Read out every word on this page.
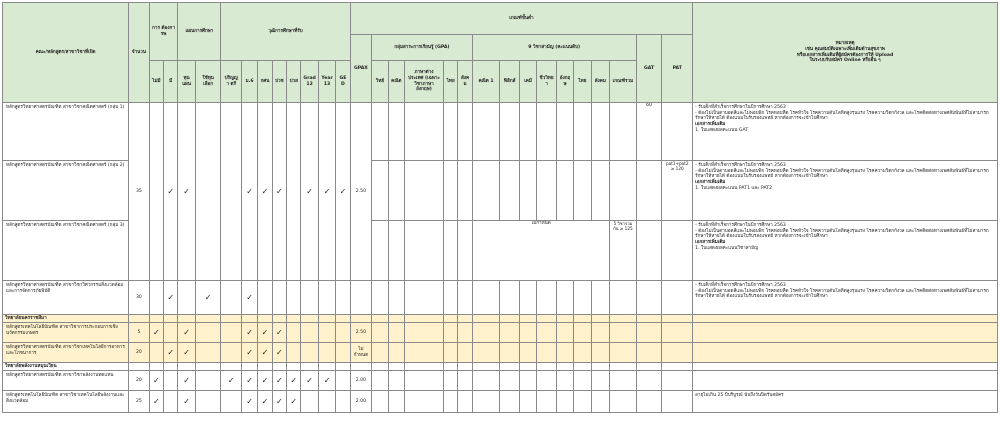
คณะ/หลักสูตร/สาขาวิชาที่เปิด	จำนวน	การ ต้องการพ		แผนการศึกษา		วุฒิการศึกษาที่รับ								เกณฑ์ขั้นต่ำ																หมายเหตุ
เช่น คุณสมบัติเฉพาะเพิ่มเติมด้านสุขภาพ
หรือเอกสารเพิ่มเติมที่ผู้สมัครต้องการให้ Upload
ในระบบรับสมัคร Online หรืออื่น ๆ

														GPAX	กลุ่มสาระการเรียนรู้ (GPA)					9 วิชาสามัญ (คะแนนดิบ)								GAT	PAT	
		ไม่มี	มี	ทุนแผน	ใช้ทุนเลือก	ปริญญา ตรี	ม.6	กศน	ปวช	ปวส	Grad12	Year13	GED		วิทย์	คณิต	ภาษาต่างประเทศ (เฉพาะวิชาภาษาอังกฤษ)	ไทย	สังคม	คณิต 1	ฟิสิกส์	เคมี	ชีววิทยา	อังกฤษ	ไทย	สังคม	เกณฑ์รวม			
หลักสูตรวิทยาศาสตรบัณฑิต สาขาวิชาคณิตศาสตร์ (กลุ่ม 1)	35		✓	✓			✓	✓	✓		✓	✓	✓	2.50														60		- รับเด็กที่สำเร็จการศึกษาในปีการศึกษา 2563
- ต้องไม่เป็นตาบอดสีและไม่พอบพิก โรคหอบหืด โรคหัวใจ โรคความดันโลหิตสูงรุนแรง โรคความวิตกกังวล และโรคติดต่อทางเพศสัมพันธ์ที่ไม่สามารถรักษาให้หายได้ ต้องแนบใบรับรองแพทย์ หากต้องการจะเข้าไปศึกษา
เอกสารเพิ่มเติม
1. ใบแสดงผลคะแนน GAT

หลักสูตรวิทยาศาสตรบัณฑิต สาขาวิชาคณิตศาสตร์ (กลุ่ม 2)																													pat1+pat2 ≥ 120	- รับเด็กที่สำเร็จการศึกษาในปีการศึกษา 2563
- ต้องไม่เป็นตาบอดสีและไม่พอบพิก โรคหอบหืด โรคหัวใจ โรคความดันโลหิตสูงรุนแรง โรคความวิตกกังวล และโรคติดต่อทางเพศสัมพันธ์ที่ไม่สามารถรักษาให้หายได้ ต้องแนบใบรับรองแพทย์ หากต้องการจะเข้าไปศึกษา
เอกสารเพิ่มเติม
1. ใบแสดงผลคะแนน PAT1 และ PAT2

หลักสูตรวิทยาศาสตรบัณฑิต สาขาวิชาคณิตศาสตร์ (กลุ่ม 3)																				ไม่กำหนด							5 วิชารวมกัน ≥ 125			- รับเด็กที่สำเร็จการศึกษาในปีการศึกษา 2563
- ต้องไม่เป็นตาบอดสีและไม่พอบพิก โรคหอบหืด โรคหัวใจ โรคความดันโลหิตสูงรุนแรง โรคความวิตกกังวล และโรคติดต่อทางเพศสัมพันธ์ที่ไม่สามารถรักษาให้หายได้ ต้องแนบใบรับรองแพทย์ หากต้องการจะเข้าไปศึกษา
เอกสารเพิ่มเติม
1. ใบแสดงผลคะแนนวิชาสามัญ

หลักสูตรวิทยาศาสตรบัณฑิต สาขาวิชาวิศวกรรมสิ่งแวดล้อมและการจัดการภัยพิบัติ	30		✓		✓		✓																							- รับเด็กที่สำเร็จการศึกษาในปีการศึกษา 2563
- ต้องไม่เป็นตาบอดสีและไม่พอบพิก โรคหอบหืด โรคหัวใจ โรคความดันโลหิตสูงรุนแรง โรคความวิตกกังวล และโรคติดต่อทางเพศสัมพันธ์ที่ไม่สามารถรักษาให้หายได้ ต้องแนบใบรับรองแพทย์ หากต้องการจะเข้าไปศึกษา

วิทยาลัยนครราชสีมา																														
หลักสูตรเทคโนโลยีบัณฑิต สาขาวิชาการประกอบการเชิงนวัตกรรมเกษตร	5	✓		✓			✓	✓	✓					2.50																
หลักสูตรวิทยาศาสตรบัณฑิต สาขาวิชาเทคโนโลยีการอาหารและโภชนาการ	20		✓	✓			✓	✓	✓					ไม่กำหนด																
วิทยาลัยพลังงานหมุนเวียน																														
หลักสูตรวิทยาศาสตรบัณฑิต สาขาวิชาพลังงานทดแทน	20	✓		✓		✓	✓	✓	✓	✓	✓	✓		2.00																
หลักสูตรเทคโนโลยีบัณฑิต สาขาวิชาเทคโนโลยีพลังงานและสิ่งแวดล้อม	25	✓		✓			✓	✓	✓	✓				2.00																อายุไม่เกิน 25 ปีบริบูรณ์ นับถึงวันปิดรับสมัคร
